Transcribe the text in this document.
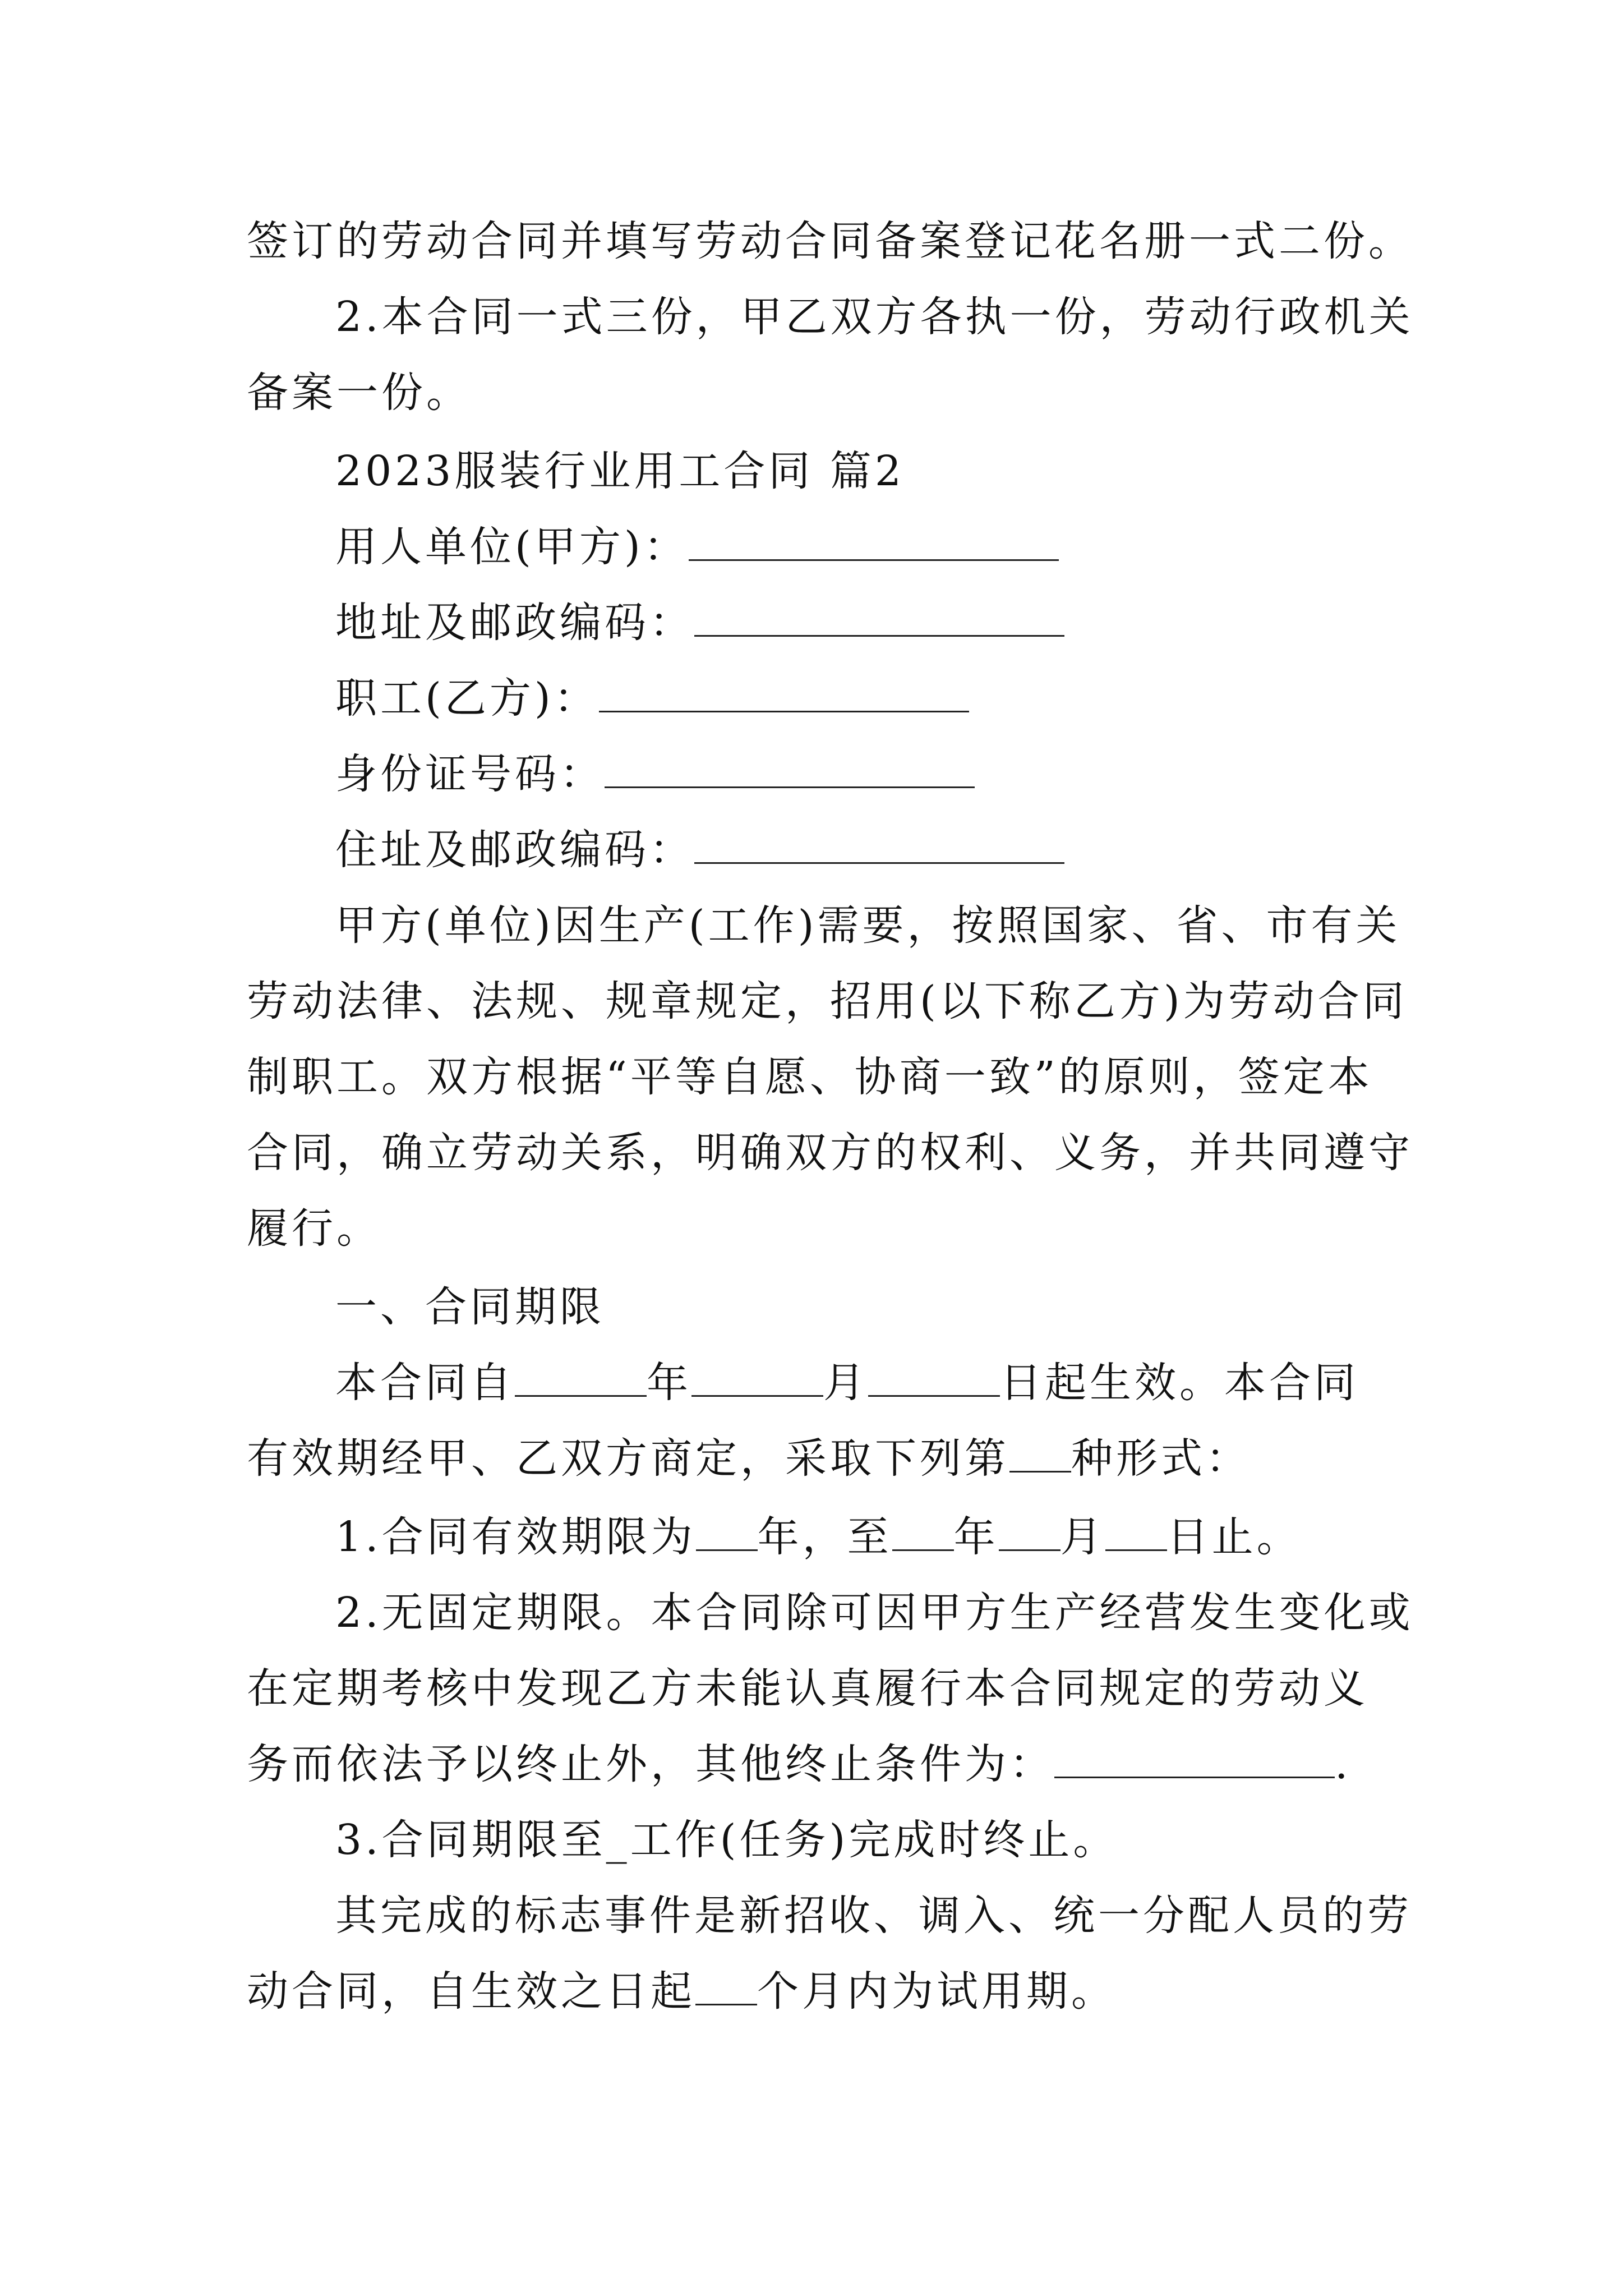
签订的劳动合同并填写劳动合同备案登记花名册一式二份。
2.本合同一式三份，甲乙双方各执一份，劳动行政机关
备案一份。
2023服装行业用工合同 篇2
用人单位(甲方)：
地址及邮政编码：
职工(乙方)：
身份证号码：
住址及邮政编码：
甲方(单位)因生产(工作)需要，按照国家、省、市有关
劳动法律、法规、规章规定，招用(以下称乙方)为劳动合同
制职工。双方根据“平等自愿、协商一致”的原则，签定本
合同，确立劳动关系，明确双方的权利、义务，并共同遵守
履行。
一、合同期限
本合同自	年	月	日起生效。本合同
有效期经甲、乙双方商定，采取下列第 种形式：
1.合同有效期限为 年，至 年 月 日止。
2.无固定期限。本合同除可因甲方生产经营发生变化或
在定期考核中发现乙方未能认真履行本合同规定的劳动义
务而依法予以终止外，其他终止条件为：	.
3.合同期限至_工作(任务)完成时终止。
其完成的标志事件是新招收、调入、统一分配人员的劳
动合同，自生效之日起 个月内为试用期。
